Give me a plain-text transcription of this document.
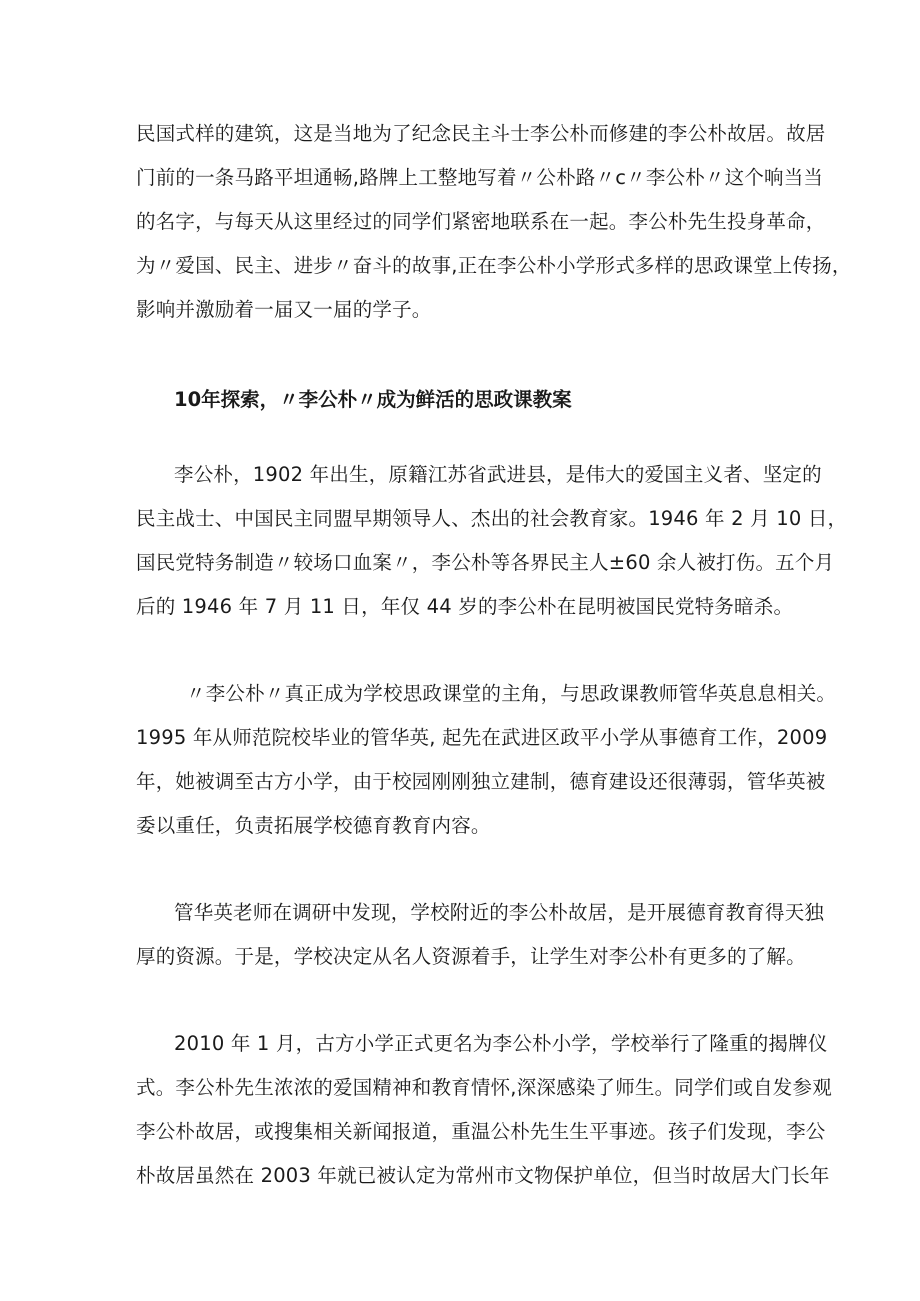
民国式样的建筑，这是当地为了纪念民主斗士李公朴而修建的李公朴故居。故居
门前的一条马路平坦通畅,路牌上工整地写着〃公朴路〃c〃李公朴〃这个响当当
的名字，与每天从这里经过的同学们紧密地联系在一起。李公朴先生投身革命，
为〃爱国、民主、进步〃奋斗的故事,正在李公朴小学形式多样的思政课堂上传扬，
影响并激励着一届又一届的学子。
10年探索，〃李公朴〃成为鲜活的思政课教案
李公朴，1902 年出生，原籍江苏省武进县，是伟大的爱国主义者、坚定的
民主战士、中国民主同盟早期领导人、杰出的社会教育家。1946 年 2 月 10 日，
国民党特务制造〃较场口血案〃，李公朴等各界民主人±60 余人被打伤。五个月
后的 1946 年 7 月 11 日，年仅 44 岁的李公朴在昆明被国民党特务暗杀。
〃李公朴〃真正成为学校思政课堂的主角，与思政课教师管华英息息相关。
1995 年从师范院校毕业的管华英, 起先在武进区政平小学从事德育工作，2009
年，她被调至古方小学，由于校园刚刚独立建制，德育建设还很薄弱，管华英被
委以重任，负责拓展学校德育教育内容。
管华英老师在调研中发现，学校附近的李公朴故居，是开展德育教育得天独
厚的资源。于是，学校决定从名人资源着手，让学生对李公朴有更多的了解。
2010 年 1 月，古方小学正式更名为李公朴小学，学校举行了隆重的揭牌仪
式。李公朴先生浓浓的爱国精神和教育情怀,深深感染了师生。同学们或自发参观
李公朴故居，或搜集相关新闻报道，重温公朴先生生平事迹。孩子们发现，李公
朴故居虽然在 2003 年就已被认定为常州市文物保护单位，但当时故居大门长年
